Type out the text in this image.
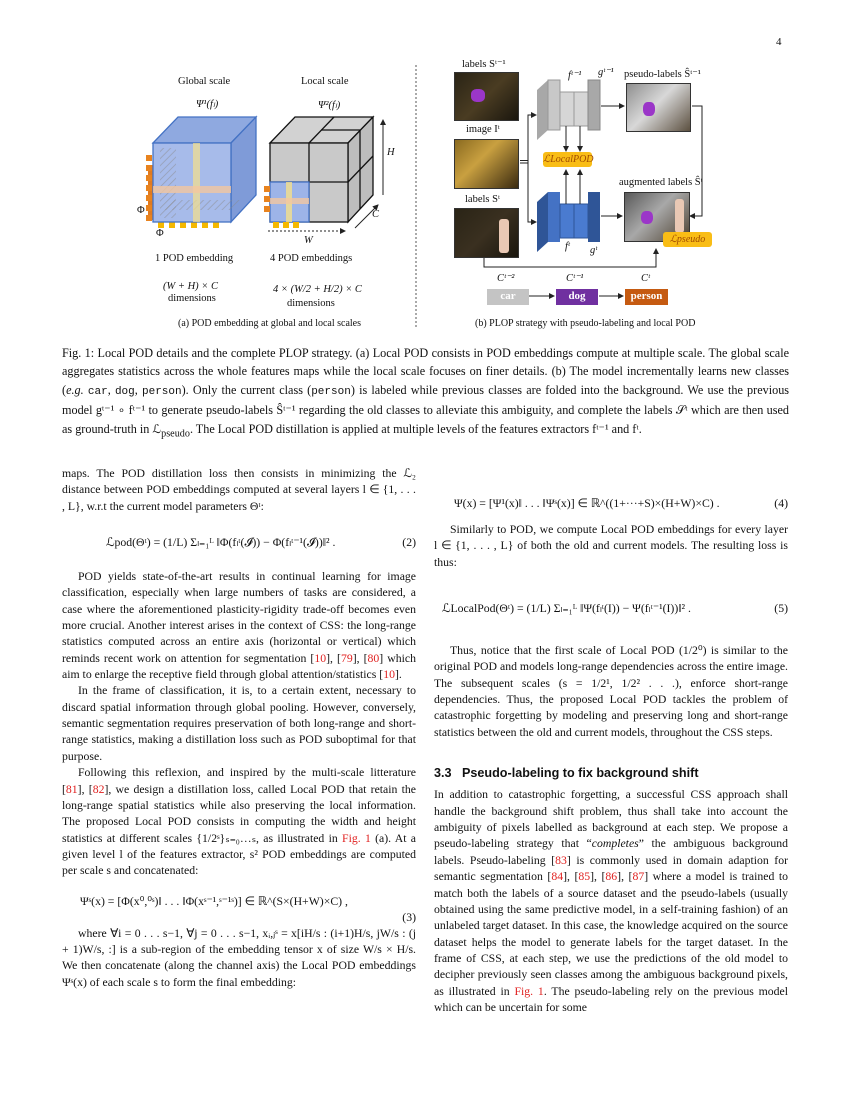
4
Global scale	Local scale
Ψ¹(fₗ)	Ψ²(fₗ)
Φ
Φ
H
C
W
1 POD embedding	4 POD embeddings
(W + H) × C	4 × (W/2 + H/2) × C
dimensions	dimensions
(a) POD embedding at global and local scales
labels Sᵗ⁻¹
image Iᵗ
labels Sᵗ
fᵗ⁻¹ gᵗ⁻¹
fᵗ gᵗ
ℒLocalPOD
pseudo-labels Ŝᵗ⁻¹
augmented labels Ŝᵗ
ℒpseudo
Cᵗ⁻²
car
Cᵗ⁻¹
dog
Cᵗ
person
(b) PLOP strategy with pseudo-labeling and local POD
Fig. 1: Local POD details and the complete PLOP strategy. (a) Local POD consists in POD embeddings compute at multiple scale. The global scale aggregates statistics across the whole features maps while the local scale focuses on finer details. (b) The model incrementally learns new classes (e.g. car, dog, person). Only the current class (person) is labeled while previous classes are folded into the background. We use the previous model gᵗ⁻¹ ∘ fᵗ⁻¹ to generate pseudo-labels Ŝᵗ⁻¹ regarding the old classes to alleviate this ambiguity, and complete the labels 𝒮ᵗ which are then used as ground-truth in ℒ$_{pseudo}$. The Local POD distillation is applied at multiple levels of the features extractors fᵗ⁻¹ and fᵗ.

maps. The POD distillation loss then consists in minimizing the ℒ₂ distance between POD embeddings computed at several layers l ∈ {1, . . . , L}, w.r.t the current model parameters Θᵗ:

ℒpod(Θᵗ) = (1/L) Σₗ₌₁ᴸ ‖Φ(fₗᵗ(𝓘)) − Φ(fₗᵗ⁻¹(𝓘))‖² .	(2)

POD yields state-of-the-art results in continual learning for image classification, especially when large numbers of tasks are considered, a case where the aforementioned plasticity-rigidity trade-off becomes even more crucial. Another interest arises in the context of CSS: the long-range statistics computed across an entire axis (horizontal or vertical) which reminds recent work on attention for segmentation [10], [79], [80] which aim to enlarge the receptive field through global attention/statistics [10].

In the frame of classification, it is, to a certain extent, necessary to discard spatial information through global pooling. However, conversely, semantic segmentation requires preservation of both long-range and short-range statistics, making a distillation loss such as POD suboptimal for that purpose.

Following this reflexion, and inspired by the multi-scale litterature [81], [82], we design a distillation loss, called Local POD that retain the long-range spatial statistics while also preserving the local information. The proposed Local POD consists in computing the width and height statistics at different scales {1/2ˢ}ₛ₌₀…ₛ, as illustrated in Fig. 1 (a). At a given level l of the features extractor, s² POD embeddings are computed per scale s and concatenated:

Ψˢ(x) = [Φ(x⁰,⁰ˢ)‖ . . . ‖Φ(xˢ⁻¹,ˢ⁻¹ˢ)] ∈ ℝ^(S×(H+W)×C) ,
(3)

where ∀i = 0 . . . s−1, ∀j = 0 . . . s−1, xᵢ,ⱼˢ = x[iH/s : (i+1)H/s, jW/s : (j + 1)W/s, :] is a sub-region of the embedding tensor x of size W/s × H/s. We then concatenate (along the channel axis) the Local POD embeddings Ψˢ(x) of each scale s to form the final embedding:

Ψ(x) = [Ψ¹(x)‖ . . . ‖Ψˢ(x)] ∈ ℝ^((1+···+S)×(H+W)×C) .	(4)

Similarly to POD, we compute Local POD embeddings for every layer l ∈ {1, . . . , L} of both the old and current models. The resulting loss is thus:

ℒLocalPod(Θᵗ) = (1/L) Σₗ₌₁ᴸ ‖Ψ(fₗᵗ(I)) − Ψ(fₗᵗ⁻¹(I))‖² .	(5)

Thus, notice that the first scale of Local POD (1/2⁰) is similar to the original POD and models long-range dependencies across the entire image. The subsequent scales (s = 1/2¹, 1/2² . . .), enforce short-range dependencies. Thus, the proposed Local POD tackles the problem of catastrophic forgetting by modeling and preserving long and short-range statistics between the old and current models, throughout the CSS steps.

3.3 Pseudo-labeling to fix background shift

In addition to catastrophic forgetting, a successful CSS approach shall handle the background shift problem, thus shall take into account the ambiguity of pixels labelled as background at each step. We propose a pseudo-labeling strategy that “completes” the ambiguous background labels. Pseudo-labeling [83] is commonly used in domain adaption for semantic segmentation [84], [85], [86], [87] where a model is trained to match both the labels of a source dataset and the pseudo-labels (usually obtained using the same predictive model, in a self-training fashion) of an unlabeled target dataset. In this case, the knowledge acquired on the source dataset helps the model to generate labels for the target dataset. In the frame of CSS, at each step, we use the predictions of the old model to decipher previously seen classes among the ambiguous background pixels, as illustrated in Fig. 1. The pseudo-labeling rely on the previous model which can be uncertain for some
